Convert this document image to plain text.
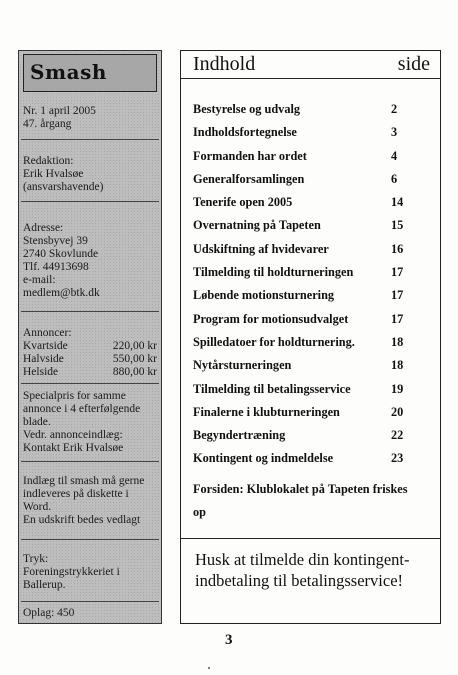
Smash
Nr. 1 april 2005
47. årgang
Redaktion:
Erik Hvalsøe
(ansvarshavende)
Adresse:
Stensbyvej 39
2740 Skovlunde
Tlf. 44913698
e-mail:
medlem@btk.dk
Annoncer:
Kvartside	220,00 kr
Halvside	550,00 kr
Helside	880,00 kr
Specialpris for samme
annonce i 4 efterfølgende
blade.
Vedr. annonceindlæg:
Kontakt Erik Hvalsøe
Indlæg til smash må gerne
indleveres på diskette i
Word.
En udskrift bedes vedlagt
Tryk:
Foreningstrykkeriet i
Ballerup.
Oplag: 450
Indhold	side
Bestyrelse og udvalg	2
Indholdsfortegnelse	3
Formanden har ordet	4
Generalforsamlingen	6
Tenerife open 2005	14
Overnatning på Tapeten	15
Udskiftning af hvidevarer	16
Tilmelding til holdturneringen	17
Løbende motionsturnering	17
Program for motionsudvalget	17
Spilledatoer for holdturnering.	18
Nytårsturneringen	18
Tilmelding til betalingsservice	19
Finalerne i klubturneringen	20
Begyndertræning	22
Kontingent og indmeldelse	23
Forsiden: Klublokalet på Tapeten friskes
op
Husk at tilmelde din kontingent-
indbetaling til betalingsservice!
3
